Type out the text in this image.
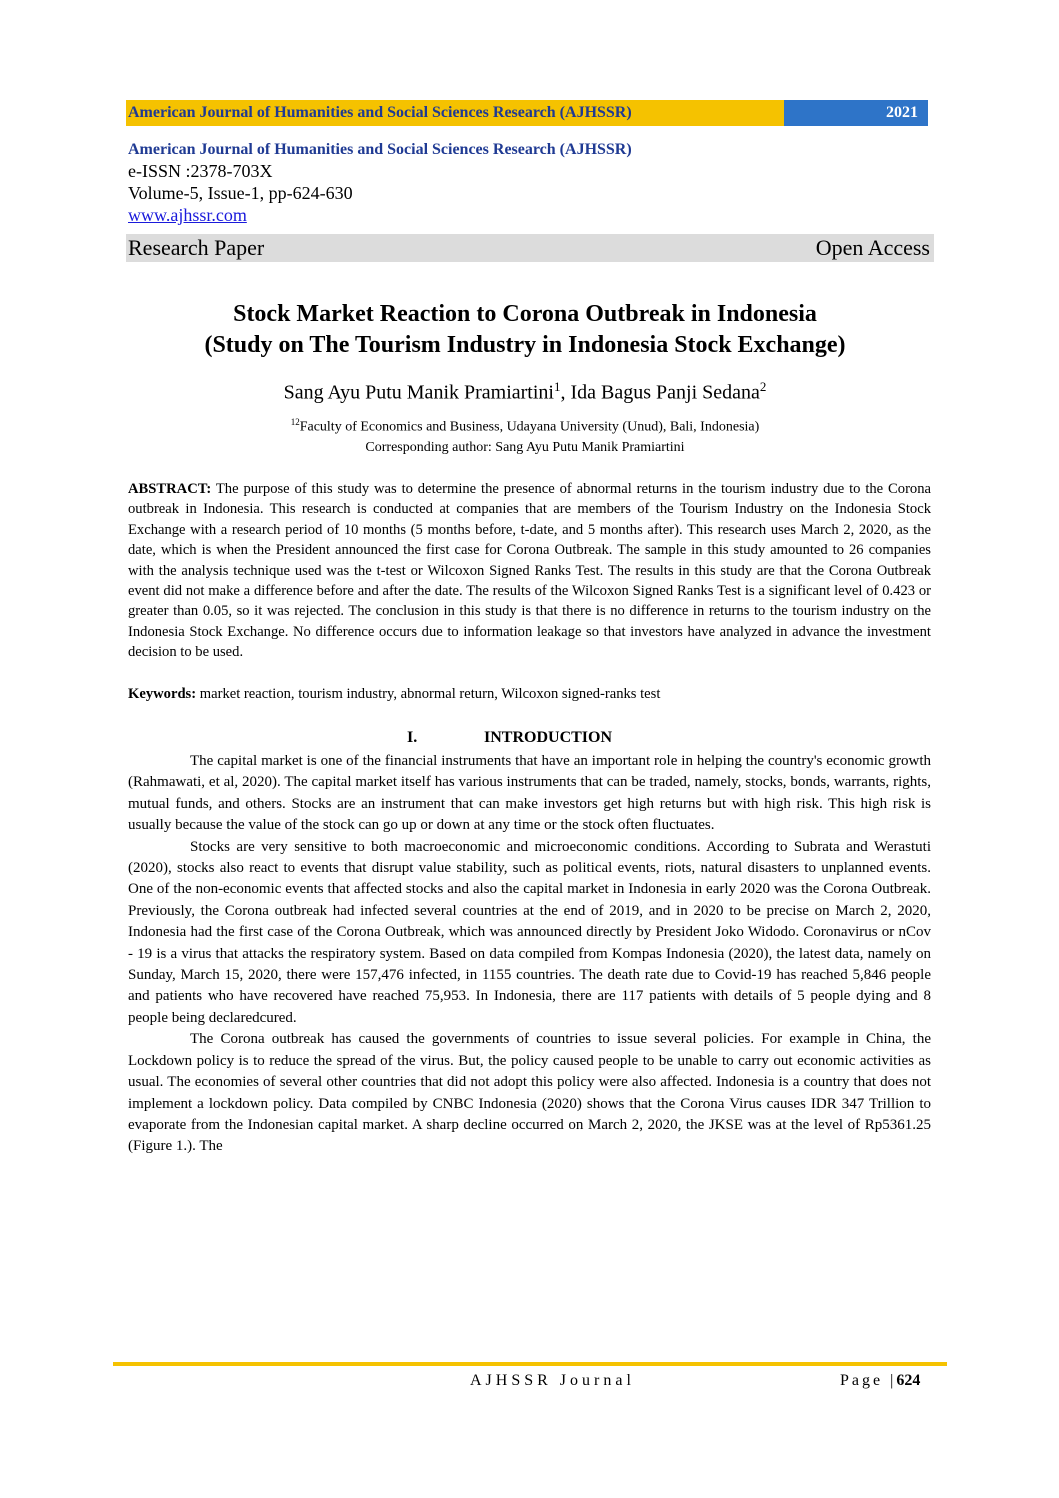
American Journal of Humanities and Social Sciences Research (AJHSSR)	2021
American Journal of Humanities and Social Sciences Research (AJHSSR)
e-ISSN :2378-703X
Volume-5, Issue-1, pp-624-630
www.ajhssr.com
Research Paper	Open Access
Stock Market Reaction to Corona Outbreak in Indonesia
(Study on The Tourism Industry in Indonesia Stock Exchange)
Sang Ayu Putu Manik Pramiartini$^1$, Ida Bagus Panji Sedana$^2$
$^{12}$Faculty of Economics and Business, Udayana University (Unud), Bali, Indonesia)
Corresponding author: Sang Ayu Putu Manik Pramiartini
ABSTRACT: The purpose of this study was to determine the presence of abnormal returns in the tourism industry due to the Corona outbreak in Indonesia. This research is conducted at companies that are members of the Tourism Industry on the Indonesia Stock Exchange with a research period of 10 months (5 months before, t-date, and 5 months after). This research uses March 2, 2020, as the date, which is when the President announced the first case for Corona Outbreak. The sample in this study amounted to 26 companies with the analysis technique used was the t-test or Wilcoxon Signed Ranks Test. The results in this study are that the Corona Outbreak event did not make a difference before and after the date. The results of the Wilcoxon Signed Ranks Test is a significant level of 0.423 or greater than 0.05, so it was rejected. The conclusion in this study is that there is no difference in returns to the tourism industry on the Indonesia Stock Exchange. No difference occurs due to information leakage so that investors have analyzed in advance the investment decision to be used.
Keywords: market reaction, tourism industry, abnormal return, Wilcoxon signed-ranks test
I.	INTRODUCTION

The capital market is one of the financial instruments that have an important role in helping the country's economic growth (Rahmawati, et al, 2020). The capital market itself has various instruments that can be traded, namely, stocks, bonds, warrants, rights, mutual funds, and others. Stocks are an instrument that can make investors get high returns but with high risk. This high risk is usually because the value of the stock can go up or down at any time or the stock often fluctuates.

Stocks are very sensitive to both macroeconomic and microeconomic conditions. According to Subrata and Werastuti (2020), stocks also react to events that disrupt value stability, such as political events, riots, natural disasters to unplanned events. One of the non-economic events that affected stocks and also the capital market in Indonesia in early 2020 was the Corona Outbreak. Previously, the Corona outbreak had infected several countries at the end of 2019, and in 2020 to be precise on March 2, 2020, Indonesia had the first case of the Corona Outbreak, which was announced directly by President Joko Widodo. Coronavirus or nCov - 19 is a virus that attacks the respiratory system. Based on data compiled from Kompas Indonesia (2020), the latest data, namely on Sunday, March 15, 2020, there were 157,476 infected, in 1155 countries. The death rate due to Covid-19 has reached 5,846 people and patients who have recovered have reached 75,953. In Indonesia, there are 117 patients with details of 5 people dying and 8 people being declaredcured.

The Corona outbreak has caused the governments of countries to issue several policies. For example in China, the Lockdown policy is to reduce the spread of the virus. But, the policy caused people to be unable to carry out economic activities as usual. The economies of several other countries that did not adopt this policy were also affected. Indonesia is a country that does not implement a lockdown policy. Data compiled by CNBC Indonesia (2020) shows that the Corona Virus causes IDR 347 Trillion to evaporate from the Indonesian capital market. A sharp decline occurred on March 2, 2020, the JKSE was at the level of Rp5361.25 (Figure 1.). The

AJHSSR Journal	Page |624
